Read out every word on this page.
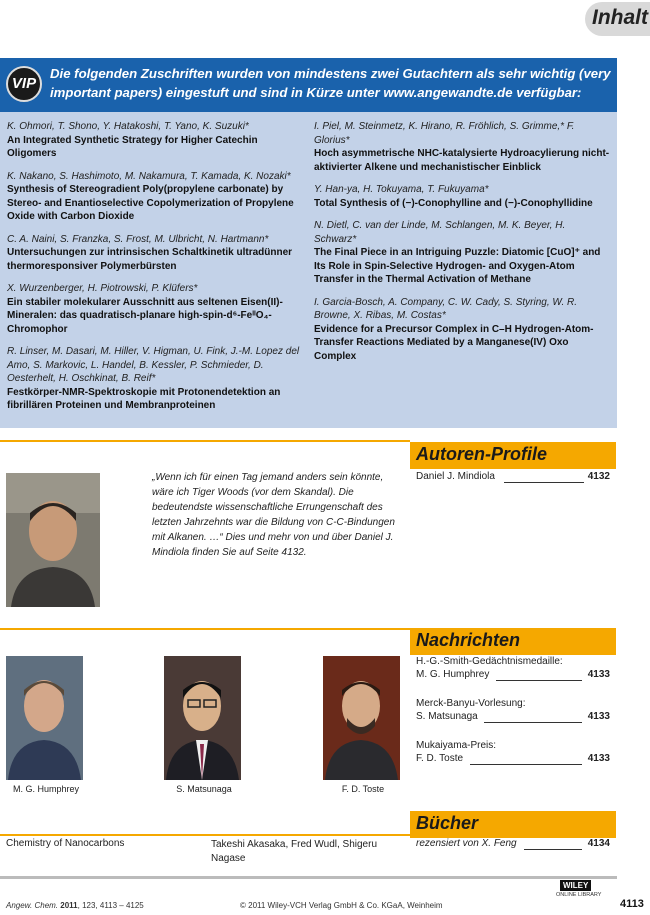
Inhalt
VIP
Die folgenden Zuschriften wurden von mindestens zwei Gutachtern als sehr wichtig (very important papers) eingestuft und sind in Kürze unter www.angewandte.de verfügbar:
K. Ohmori, T. Shono, Y. Hatakoshi, T. Yano, K. Suzuki*
An Integrated Synthetic Strategy for Higher Catechin Oligomers
K. Nakano, S. Hashimoto, M. Nakamura, T. Kamada, K. Nozaki*
Synthesis of Stereogradient Poly(propylene carbonate) by Stereo- and Enantioselective Copolymerization of Propylene Oxide with Carbon Dioxide
C. A. Naini, S. Franzka, S. Frost, M. Ulbricht, N. Hartmann*
Untersuchungen zur intrinsischen Schaltkinetik ultradünner thermoresponsiver Polymerbürsten
X. Wurzenberger, H. Piotrowski, P. Klüfers*
Ein stabiler molekularer Ausschnitt aus seltenen Eisen(II)-Mineralen: das quadratisch-planare high-spin-d⁶-FeᴵᴵO₄-Chromophor
R. Linser, M. Dasari, M. Hiller, V. Higman, U. Fink, J.-M. Lopez del Amo, S. Markovic, L. Handel, B. Kessler, P. Schmieder, D. Oesterhelt, H. Oschkinat, B. Reif*
Festkörper-NMR-Spektroskopie mit Protonendetektion an fibrillären Proteinen und Membranproteinen
I. Piel, M. Steinmetz, K. Hirano, R. Fröhlich, S. Grimme,* F. Glorius*
Hoch asymmetrische NHC-katalysierte Hydroacylierung nicht-aktivierter Alkene und mechanistischer Einblick
Y. Han-ya, H. Tokuyama, T. Fukuyama*
Total Synthesis of (−)-Conophylline and (−)-Conophyllidine
N. Dietl, C. van der Linde, M. Schlangen, M. K. Beyer, H. Schwarz*
The Final Piece in an Intriguing Puzzle: Diatomic [CuO]⁺ and Its Role in Spin-Selective Hydrogen- and Oxygen-Atom Transfer in the Thermal Activation of Methane
I. Garcia-Bosch, A. Company, C. W. Cady, S. Styring, W. R. Browne, X. Ribas, M. Costas*
Evidence for a Precursor Complex in C–H Hydrogen-Atom-Transfer Reactions Mediated by a Manganese(IV) Oxo Complex
Autoren-Profile
„Wenn ich für einen Tag jemand anders sein könnte, wäre ich Tiger Woods (vor dem Skandal). Die bedeutendste wissenschaftliche Errungenschaft des letzten Jahrzehnts war die Bildung von C-C-Bindungen mit Alkanen. …“ Dies und mehr von und über Daniel J. Mindiola finden Sie auf Seite 4132.
Daniel J. Mindiola	4132
Nachrichten
M. G. Humphrey	S. Matsunaga	F. D. Toste
H.-G.-Smith-Gedächtnismedaille:
M. G. Humphrey	4133
Merck-Banyu-Vorlesung:
S. Matsunaga	4133
Mukaiyama-Preis:
F. D. Toste	4133
Bücher
Chemistry of Nanocarbons	Takeshi Akasaka, Fred Wudl, Shigeru Nagase
rezensiert von X. Feng	4134
Angew. Chem. 2011, 123, 4113 – 4125	© 2011 Wiley-VCH Verlag GmbH & Co. KGaA, Weinheim
WILEY
ONLINE LIBRARY
4113
